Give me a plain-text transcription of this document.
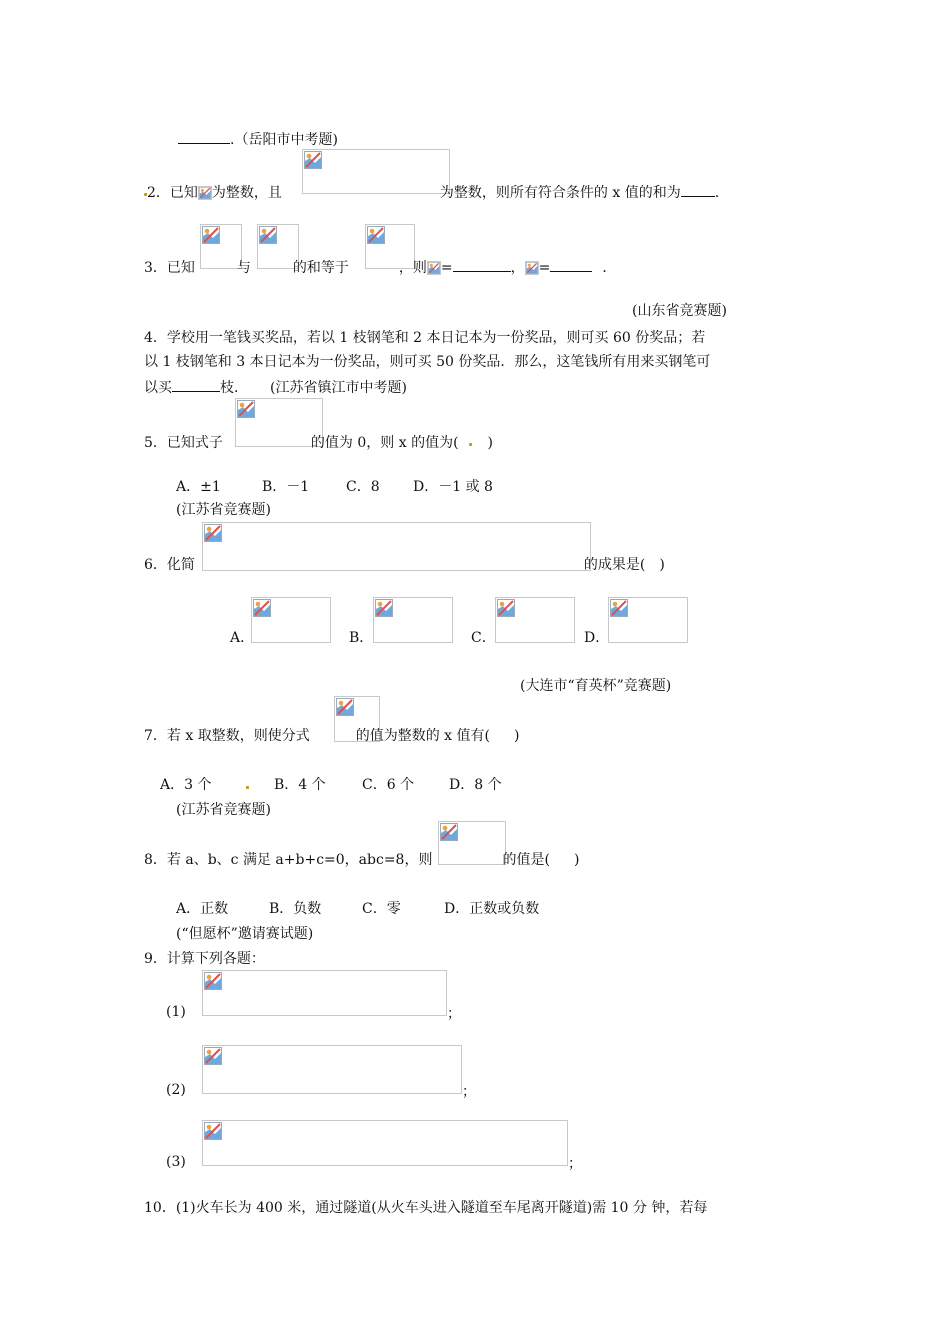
.（岳阳市中考题)
2．已知 为整数，且	为整数，则所有符合条件的 x 值的和为 .
3．已知	与	的和等于	，则 =	， =	．
(山东省竞赛题)
4．学校用一笔钱买奖品，若以 1 枝钢笔和 2 本日记本为一份奖品，则可买 60 份奖品；若
以 1 枝钢笔和 3 本日记本为一份奖品，则可买 50 份奖品．那么，这笔钱所有用来买钢笔可
以买	枝． (江苏省镇江市中考题)
5．已知式子	的值为 0，则 x 的值为( )
A．±1	B．－1	C．8 D．－1 或 8
(江苏省竞赛题)
6．化简	的成果是( )
A．	B．	C．	D．
(大连市“育英杯”竞赛题)
7．若 x 取整数，则使分式	的值为整数的 x 值有( )
A．3 个	B．4 个	C．6 个 D．8 个
(江苏省竞赛题)
8．若 a、b、c 满足 a+b+c=0，abc=8，则	的值是( )
A．正数	B．负数	C．零	D．正数或负数
(“但愿杯”邀请赛试题)
9．计算下列各题：
(1)	；
(2)	；
(3)	；
10．(1)火车长为 400 米，通过隧道(从火车头进入隧道至车尾离开隧道)需 10 分 钟，若每
